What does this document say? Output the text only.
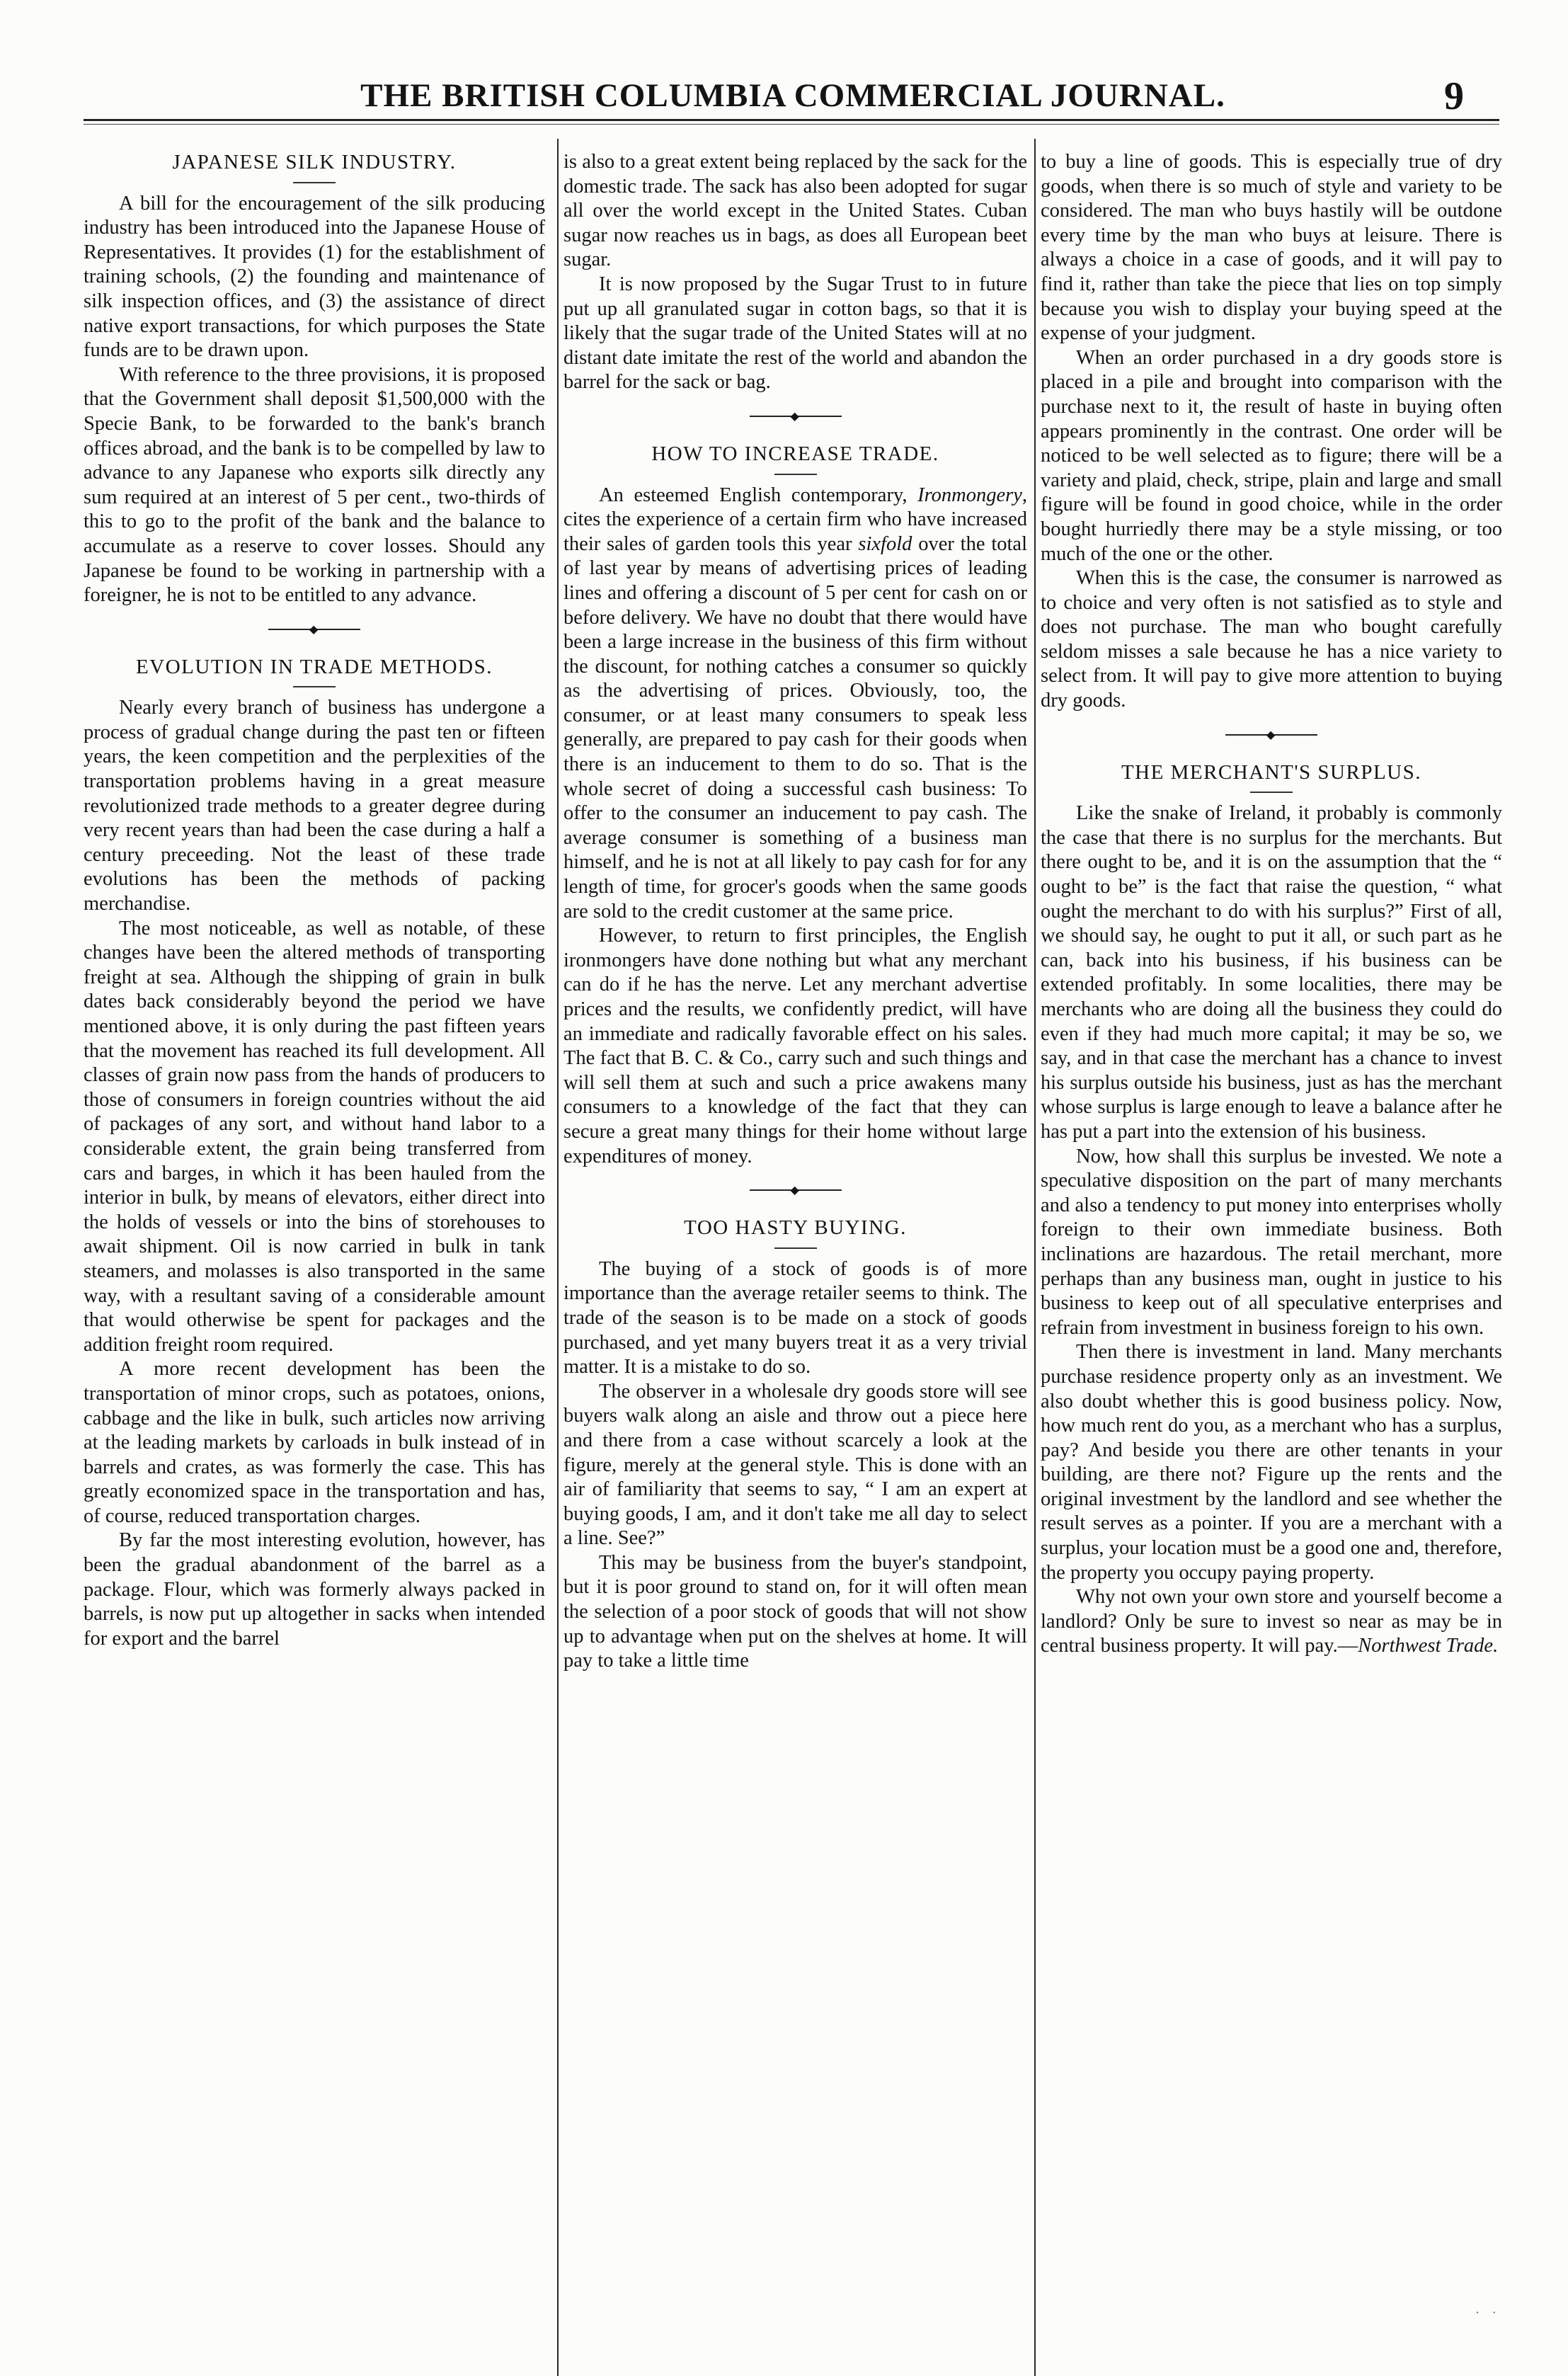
THE BRITISH COLUMBIA COMMERCIAL JOURNAL.	9

JAPANESE SILK INDUSTRY.

A bill for the encouragement of the silk producing industry has been introduced into the Japanese House of Representatives. It provides (1) for the establishment of training schools, (2) the founding and maintenance of silk inspection offices, and (3) the assistance of direct native export transactions, for which purposes the State funds are to be drawn upon.

With reference to the three provisions, it is proposed that the Government shall deposit $1,500,000 with the Specie Bank, to be forwarded to the bank's branch offices abroad, and the bank is to be compelled by law to advance to any Japanese who exports silk directly any sum required at an interest of 5 per cent., two-thirds of this to go to the profit of the bank and the balance to accumulate as a reserve to cover losses. Should any Japanese be found to be working in partnership with a foreigner, he is not to be entitled to any advance.

◆

EVOLUTION IN TRADE METHODS.

Nearly every branch of business has undergone a process of gradual change during the past ten or fifteen years, the keen competition and the perplexities of the transportation problems having in a great measure revolutionized trade methods to a greater degree during very recent years than had been the case during a half a century preceeding. Not the least of these trade evolutions has been the methods of packing merchandise.

The most noticeable, as well as notable, of these changes have been the altered methods of transporting freight at sea. Although the shipping of grain in bulk dates back considerably beyond the period we have mentioned above, it is only during the past fifteen years that the movement has reached its full development. All classes of grain now pass from the hands of producers to those of consumers in foreign countries without the aid of packages of any sort, and without hand labor to a considerable extent, the grain being transferred from cars and barges, in which it has been hauled from the interior in bulk, by means of elevators, either direct into the holds of vessels or into the bins of storehouses to await shipment. Oil is now carried in bulk in tank steamers, and molasses is also transported in the same way, with a resultant saving of a considerable amount that would otherwise be spent for packages and the addition freight room required.

A more recent development has been the transportation of minor crops, such as potatoes, onions, cabbage and the like in bulk, such articles now arriving at the leading markets by carloads in bulk instead of in barrels and crates, as was formerly the case. This has greatly economized space in the transportation and has, of course, reduced transportation charges.

By far the most interesting evolution, however, has been the gradual abandonment of the barrel as a package. Flour, which was formerly always packed in barrels, is now put up altogether in sacks when intended for export and the barrel

is also to a great extent being replaced by the sack for the domestic trade. The sack has also been adopted for sugar all over the world except in the United States. Cuban sugar now reaches us in bags, as does all European beet sugar.

It is now proposed by the Sugar Trust to in future put up all granulated sugar in cotton bags, so that it is likely that the sugar trade of the United States will at no distant date imitate the rest of the world and abandon the barrel for the sack or bag.

◆

HOW TO INCREASE TRADE.

An esteemed English contemporary, Ironmongery, cites the experience of a certain firm who have increased their sales of garden tools this year sixfold over the total of last year by means of advertising prices of leading lines and offering a discount of 5 per cent for cash on or before delivery. We have no doubt that there would have been a large increase in the business of this firm without the discount, for nothing catches a consumer so quickly as the advertising of prices. Obviously, too, the consumer, or at least many consumers to speak less generally, are prepared to pay cash for their goods when there is an inducement to them to do so. That is the whole secret of doing a successful cash business: To offer to the consumer an inducement to pay cash. The average consumer is something of a business man himself, and he is not at all likely to pay cash for for any length of time, for grocer's goods when the same goods are sold to the credit customer at the same price.

However, to return to first principles, the English ironmongers have done nothing but what any merchant can do if he has the nerve. Let any merchant advertise prices and the results, we confidently predict, will have an immediate and radically favorable effect on his sales. The fact that B. C. & Co., carry such and such things and will sell them at such and such a price awakens many consumers to a knowledge of the fact that they can secure a great many things for their home without large expenditures of money.

◆

TOO HASTY BUYING.

The buying of a stock of goods is of more importance than the average retailer seems to think. The trade of the season is to be made on a stock of goods purchased, and yet many buyers treat it as a very trivial matter. It is a mistake to do so.

The observer in a wholesale dry goods store will see buyers walk along an aisle and throw out a piece here and there from a case without scarcely a look at the figure, merely at the general style. This is done with an air of familiarity that seems to say, “ I am an expert at buying goods, I am, and it don't take me all day to select a line. See?”

This may be business from the buyer's standpoint, but it is poor ground to stand on, for it will often mean the selection of a poor stock of goods that will not show up to advantage when put on the shelves at home. It will pay to take a little time

to buy a line of goods. This is especially true of dry goods, when there is so much of style and variety to be considered. The man who buys hastily will be outdone every time by the man who buys at leisure. There is always a choice in a case of goods, and it will pay to find it, rather than take the piece that lies on top simply because you wish to display your buying speed at the expense of your judgment.

When an order purchased in a dry goods store is placed in a pile and brought into comparison with the purchase next to it, the result of haste in buying often appears prominently in the contrast. One order will be noticed to be well selected as to figure; there will be a variety and plaid, check, stripe, plain and large and small figure will be found in good choice, while in the order bought hurriedly there may be a style missing, or too much of the one or the other.

When this is the case, the consumer is narrowed as to choice and very often is not satisfied as to style and does not purchase. The man who bought carefully seldom misses a sale because he has a nice variety to select from. It will pay to give more attention to buying dry goods.

◆

THE MERCHANT'S SURPLUS.

Like the snake of Ireland, it probably is commonly the case that there is no surplus for the merchants. But there ought to be, and it is on the assumption that the “ ought to be” is the fact that raise the question, “ what ought the merchant to do with his surplus?” First of all, we should say, he ought to put it all, or such part as he can, back into his business, if his business can be extended profitably. In some localities, there may be merchants who are doing all the business they could do even if they had much more capital; it may be so, we say, and in that case the merchant has a chance to invest his surplus outside his business, just as has the merchant whose surplus is large enough to leave a balance after he has put a part into the extension of his business.

Now, how shall this surplus be invested. We note a speculative disposition on the part of many merchants and also a tendency to put money into enterprises wholly foreign to their own immediate business. Both inclinations are hazardous. The retail merchant, more perhaps than any business man, ought in justice to his business to keep out of all speculative enterprises and refrain from investment in business foreign to his own.

Then there is investment in land. Many merchants purchase residence property only as an investment. We also doubt whether this is good business policy. Now, how much rent do you, as a merchant who has a surplus, pay? And beside you there are other tenants in your building, are there not? Figure up the rents and the original investment by the landlord and see whether the result serves as a pointer. If you are a merchant with a surplus, your location must be a good one and, therefore, the property you occupy paying property.

Why not own your own store and yourself become a landlord? Only be sure to invest so near as may be in central business property. It will pay.—Northwest Trade.

· ·
